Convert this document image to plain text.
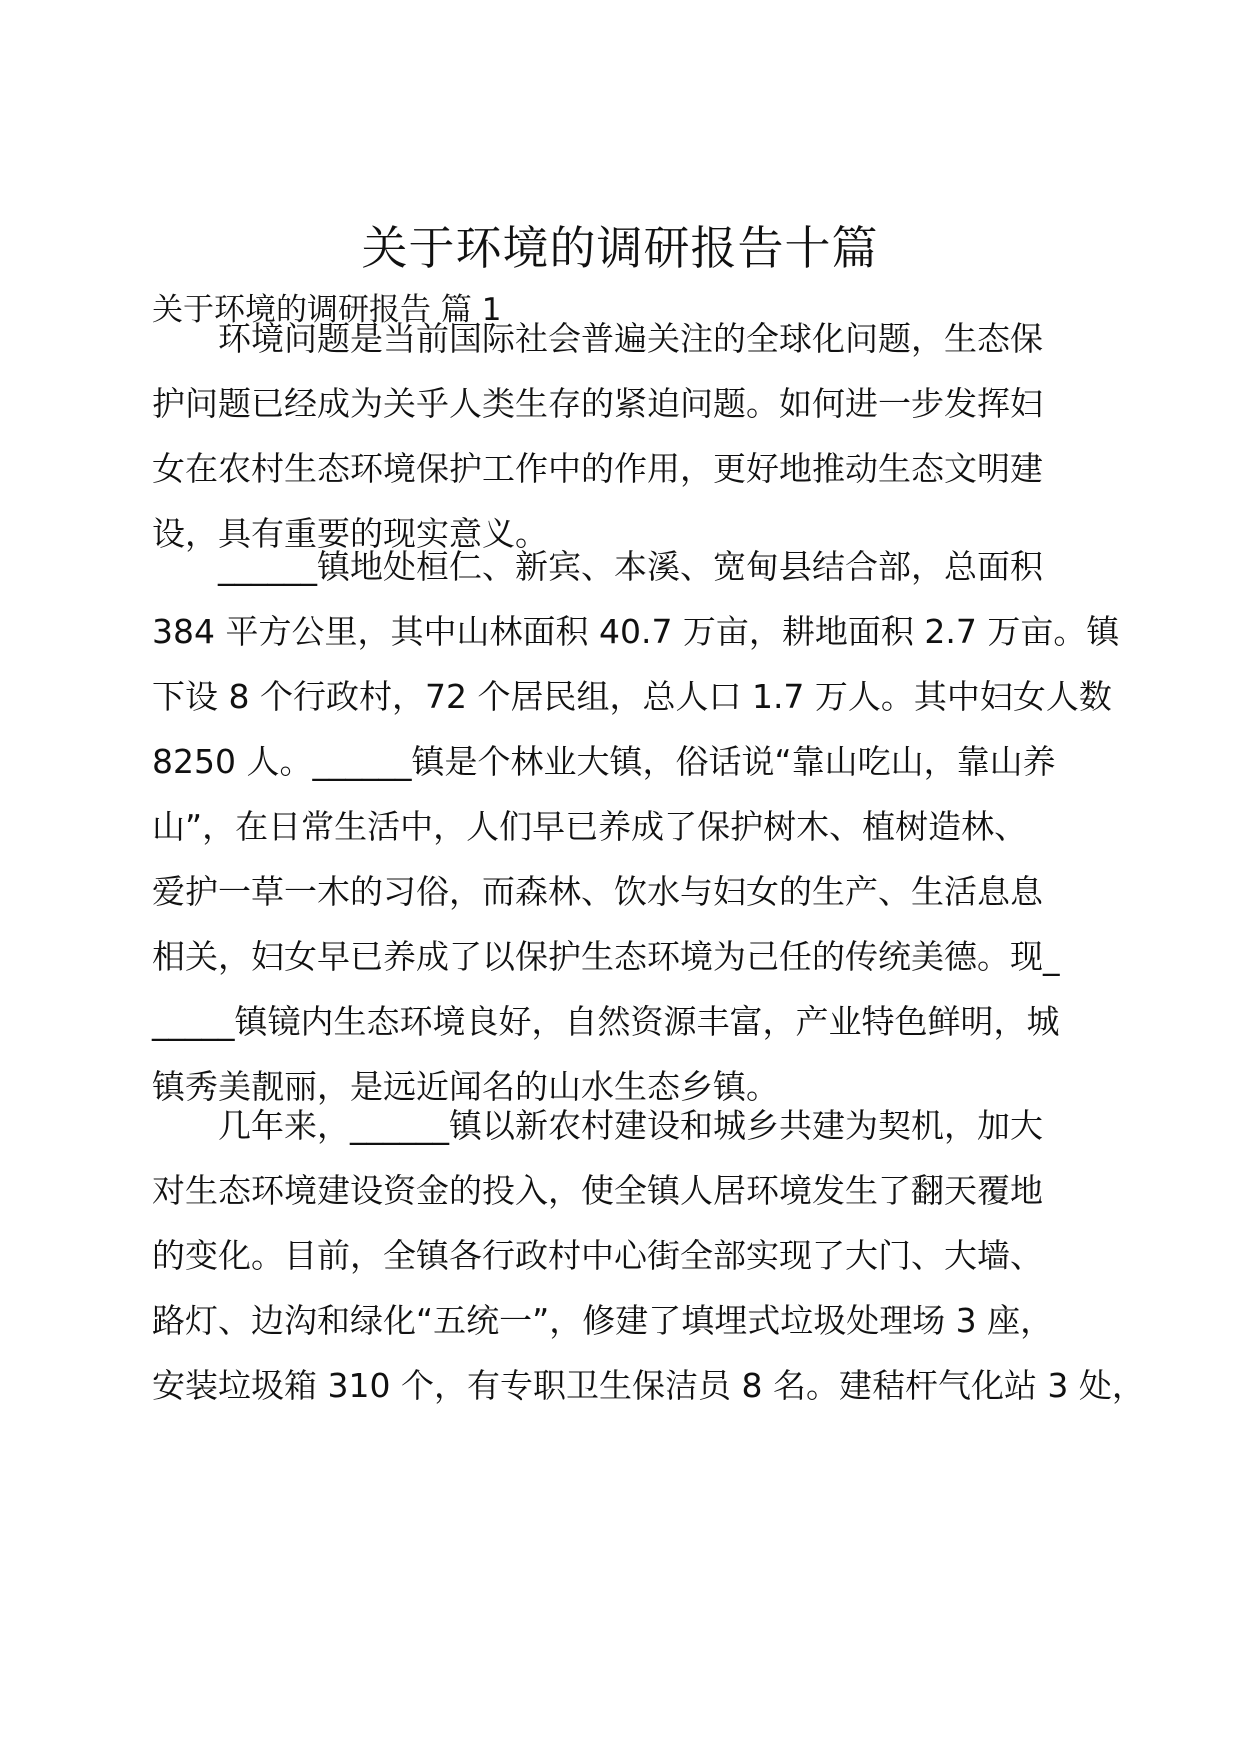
关于环境的调研报告十篇
关于环境的调研报告 篇 1
环境问题是当前国际社会普遍关注的全球化问题，生态保
护问题已经成为关乎人类生存的紧迫问题。如何进一步发挥妇
女在农村生态环境保护工作中的作用，更好地推动生态文明建
设，具有重要的现实意义。
______镇地处桓仁、新宾、本溪、宽甸县结合部，总面积
384 平方公里，其中山林面积 40.7 万亩，耕地面积 2.7 万亩。镇
下设 8 个行政村，72 个居民组，总人口 1.7 万人。其中妇女人数
8250 人。______镇是个林业大镇，俗话说“靠山吃山，靠山养
山”，在日常生活中，人们早已养成了保护树木、植树造林、
爱护一草一木的习俗，而森林、饮水与妇女的生产、生活息息
相关，妇女早已养成了以保护生态环境为己任的传统美德。现_
_____镇镜内生态环境良好，自然资源丰富，产业特色鲜明，城
镇秀美靓丽，是远近闻名的山水生态乡镇。
几年来，______镇以新农村建设和城乡共建为契机，加大
对生态环境建设资金的投入，使全镇人居环境发生了翻天覆地
的变化。目前，全镇各行政村中心街全部实现了大门、大墙、
路灯、边沟和绿化“五统一”，修建了填埋式垃圾处理场 3 座，
安装垃圾箱 310 个，有专职卫生保洁员 8 名。建秸杆气化站 3 处，
